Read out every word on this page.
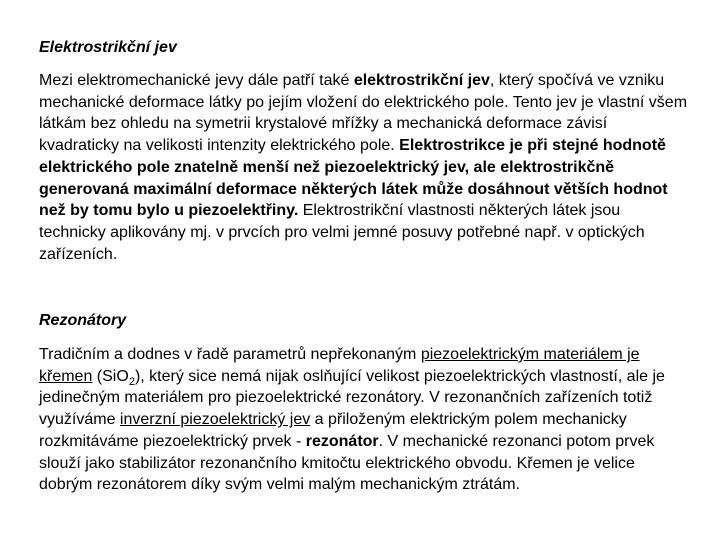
Elektrostrikční jev

Mezi elektromechanické jevy dále patří také elektrostrikční jev, který spočívá ve vzniku mechanické deformace látky po jejím vložení do elektrického pole. Tento jev je vlastní všem látkám bez ohledu na symetrii krystalové mřížky a mechanická deformace závisí kvadraticky na velikosti intenzity elektrického pole. Elektrostrikce je při stejné hodnotě elektrického pole znatelně menší než piezoelektrický jev, ale elektrostrikčně generovaná maximální deformace některých látek může dosáhnout větších hodnot než by tomu bylo u piezoelektřiny. Elektrostrikční vlastnosti některých látek jsou technicky aplikovány mj. v prvcích pro velmi jemné posuvy potřebné např. v optických zařízeních.

Rezonátory

Tradičním a dodnes v řadě parametrů nepřekonaným piezoelektrickým materiálem je křemen (SiO$_2$), který sice nemá nijak oslňující velikost piezoelektrických vlastností, ale je jedinečným materiálem pro piezoelektrické rezonátory. V rezonančních zařízeních totiž využíváme inverzní piezoelektrický jev a přiloženým elektrickým polem mechanicky rozkmitáváme piezoelektrický prvek - rezonátor. V mechanické rezonanci potom prvek slouží jako stabilizátor rezonančního kmitočtu elektrického obvodu. Křemen je velice dobrým rezonátorem díky svým velmi malým mechanickým ztrátám.
